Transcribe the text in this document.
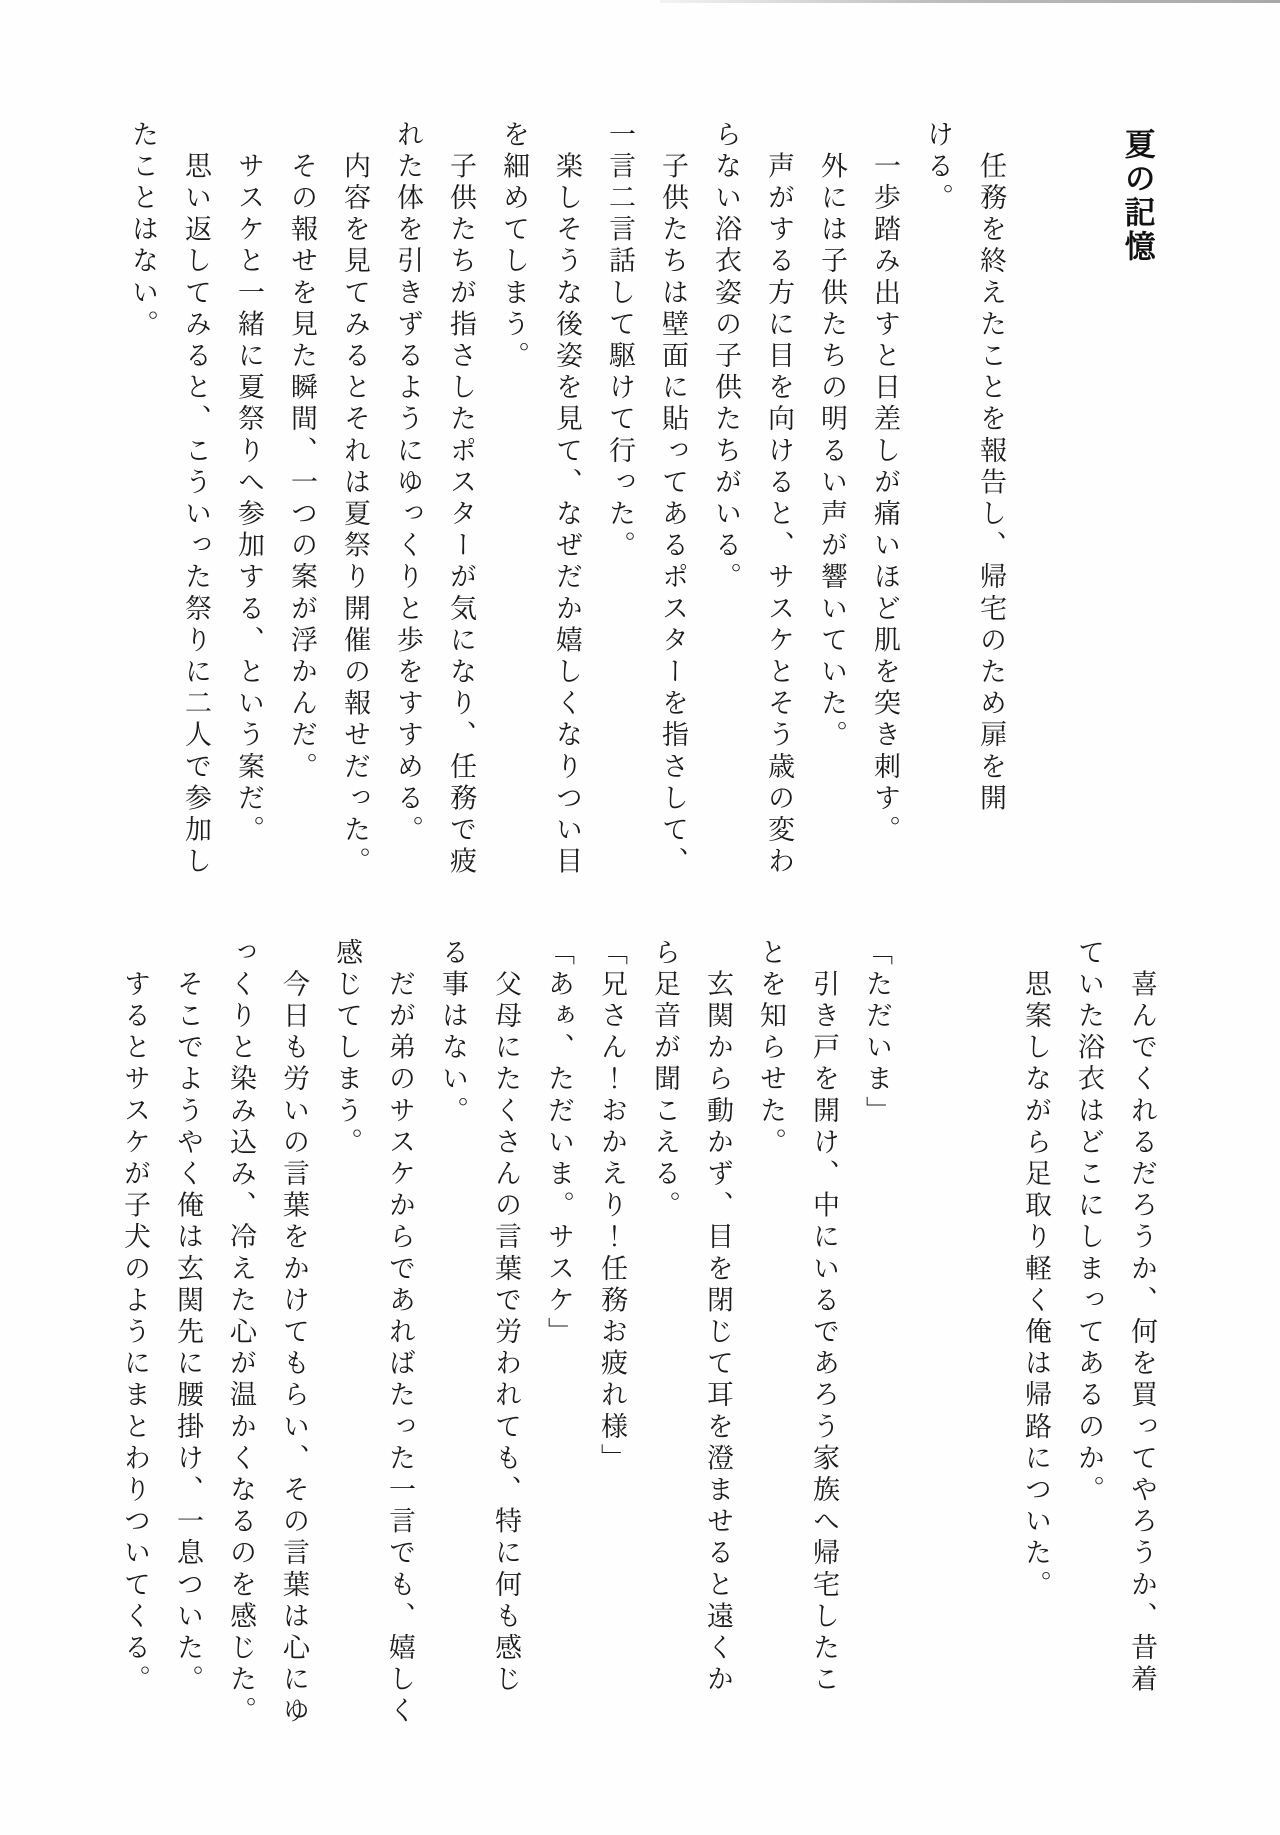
夏の記憶
　任務を終えたことを報告し、帰宅のため扉を開
ける。
　一歩踏み出すと日差しが痛いほど肌を突き刺す。
　外には子供たちの明るい声が響いていた。
　声がする方に目を向けると、サスケとそう歳の変わ
らない浴衣姿の子供たちがいる。
　子供たちは壁面に貼ってあるポスターを指さして、
一言二言話して駆けて行った。
　楽しそうな後姿を見て、なぜだか嬉しくなりつい目
を細めてしまう。
　子供たちが指さしたポスターが気になり、任務で疲
れた体を引きずるようにゆっくりと歩をすすめる。
　内容を見てみるとそれは夏祭り開催の報せだった。
　その報せを見た瞬間、一つの案が浮かんだ。
　サスケと一緒に夏祭りへ参加する、という案だ。
　思い返してみると、こういった祭りに二人で参加し
たことはない。
　喜んでくれるだろうか、何を買ってやろうか、昔着
ていた浴衣はどこにしまってあるのか。
　思案しながら足取り軽く俺は帰路についた。
「ただいま」
　引き戸を開け、中にいるであろう家族へ帰宅したこ
とを知らせた。
　玄関から動かず、目を閉じて耳を澄ませると遠くか
ら足音が聞こえる。
「兄さん！おかえり！任務お疲れ様」
「あぁ、ただいま。サスケ」
　父母にたくさんの言葉で労われても、特に何も感じ
る事はない。
　だが弟のサスケからであればたった一言でも、嬉しく
感じてしまう。
　今日も労いの言葉をかけてもらい、その言葉は心にゆ
っくりと染み込み、冷えた心が温かくなるのを感じた。
　そこでようやく俺は玄関先に腰掛け、一息ついた。
　するとサスケが子犬のようにまとわりついてくる。
